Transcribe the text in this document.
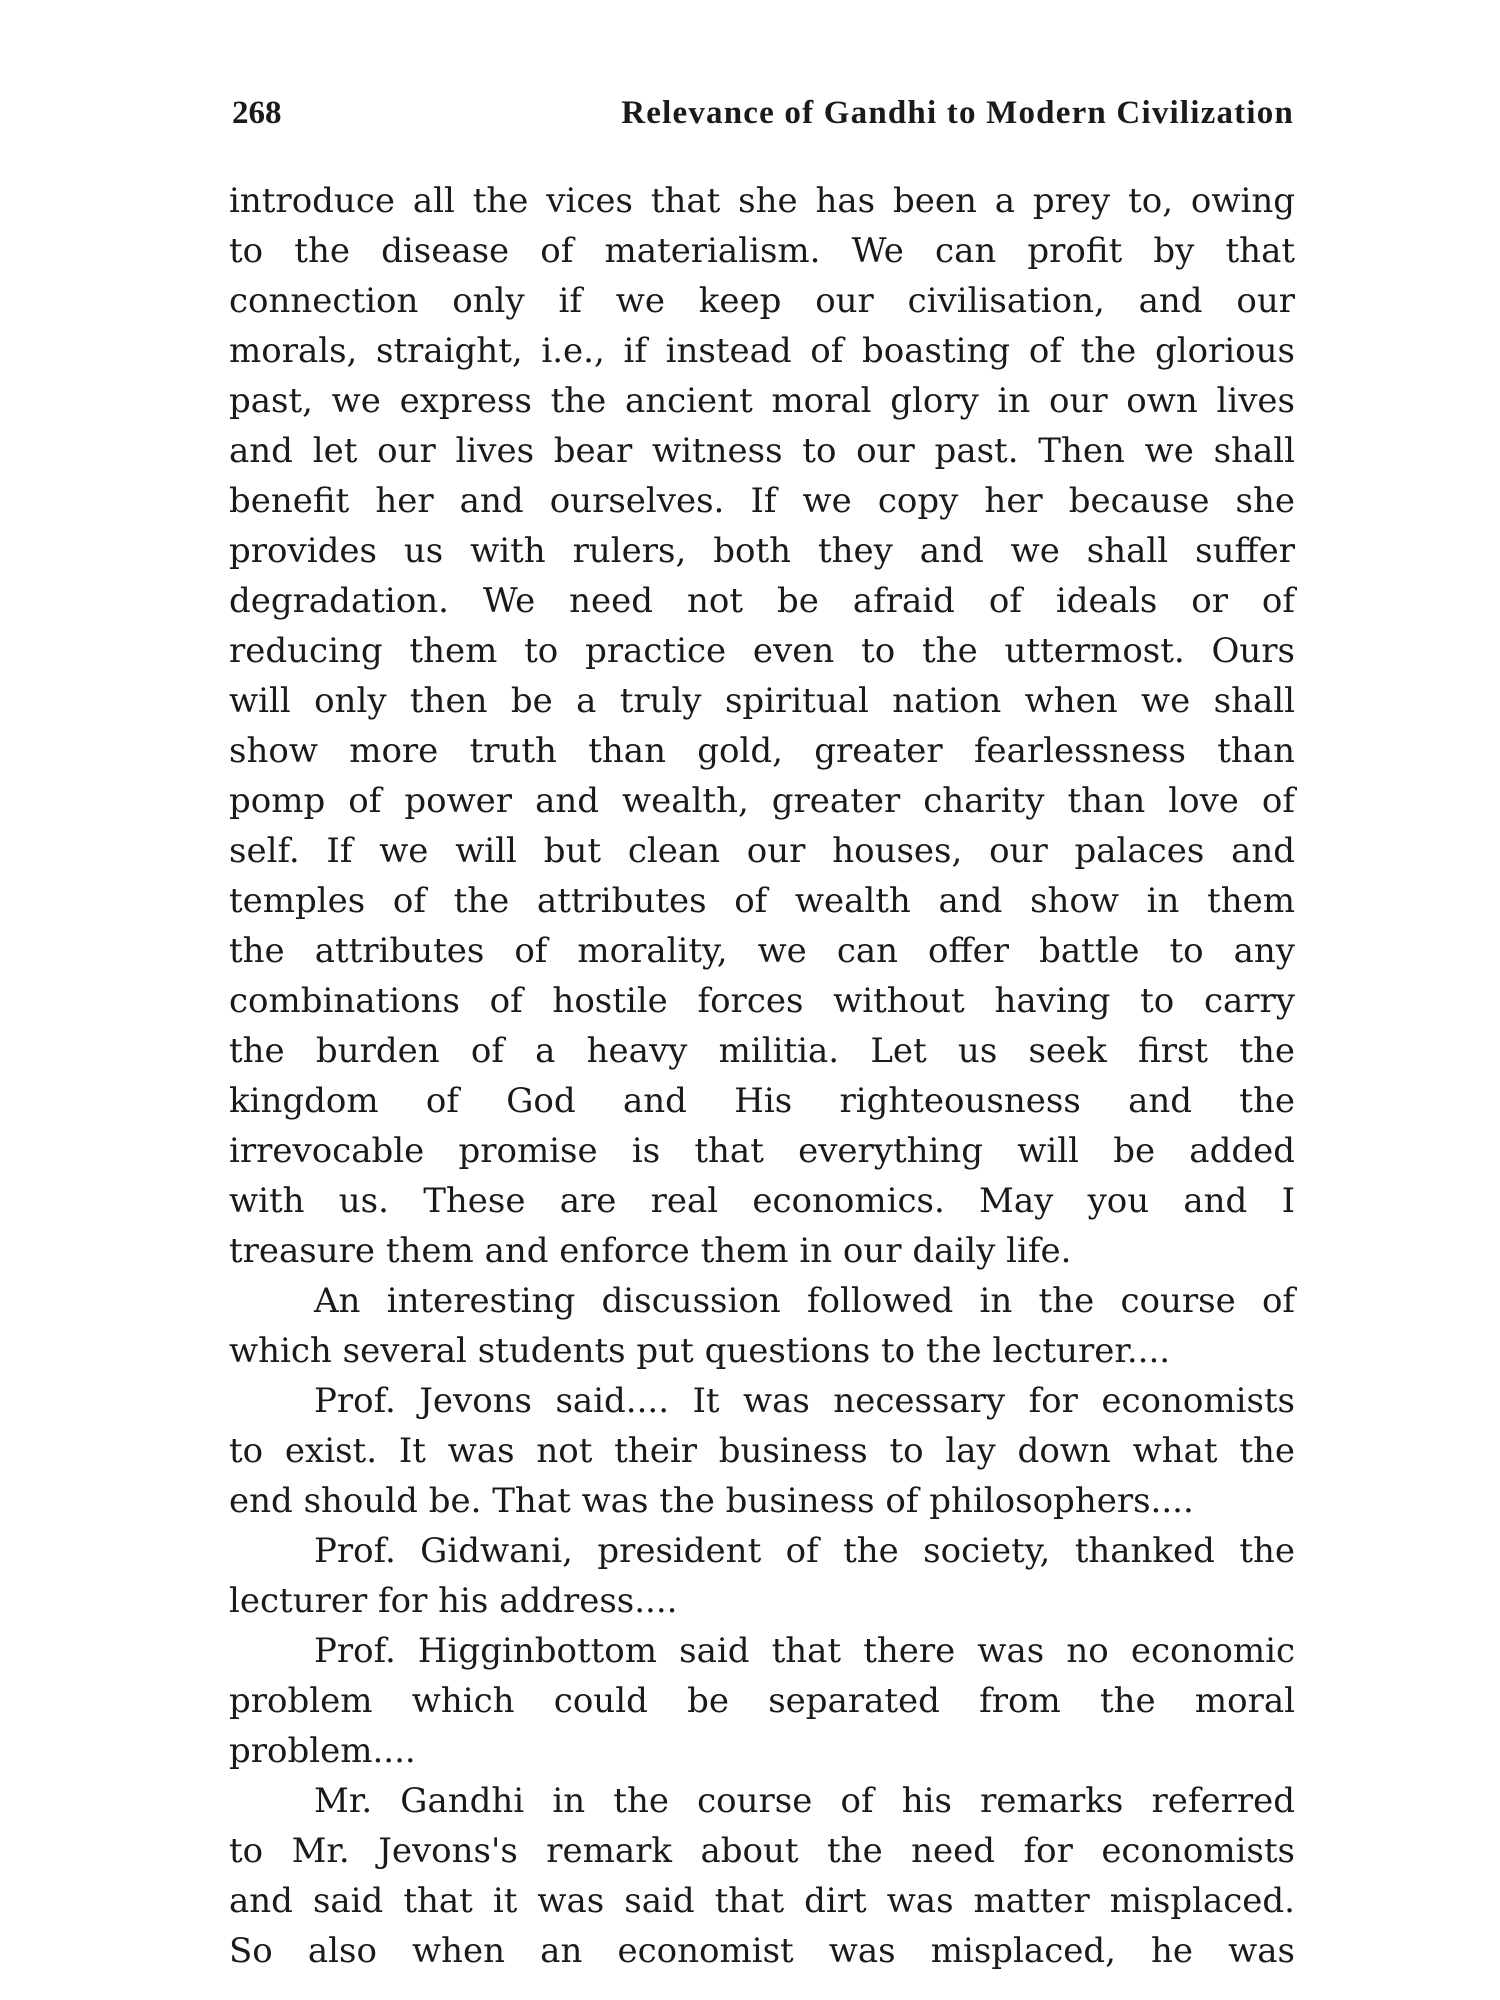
268	Relevance of Gandhi to Modern Civilization
introduce all the vices that she has been a prey to, owing
to the disease of materialism. We can profit by that
connection only if we keep our civilisation, and our
morals, straight, i.e., if instead of boasting of the glorious
past, we express the ancient moral glory in our own lives
and let our lives bear witness to our past. Then we shall
benefit her and ourselves. If we copy her because she
provides us with rulers, both they and we shall suffer
degradation. We need not be afraid of ideals or of
reducing them to practice even to the uttermost. Ours
will only then be a truly spiritual nation when we shall
show more truth than gold, greater fearlessness than
pomp of power and wealth, greater charity than love of
self. If we will but clean our houses, our palaces and
temples of the attributes of wealth and show in them
the attributes of morality, we can offer battle to any
combinations of hostile forces without having to carry
the burden of a heavy militia. Let us seek first the
kingdom of God and His righteousness and the
irrevocable promise is that everything will be added
with us. These are real economics. May you and I
treasure them and enforce them in our daily life.
An interesting discussion followed in the course of
which several students put questions to the lecturer....
Prof. Jevons said.... It was necessary for economists
to exist. It was not their business to lay down what the
end should be. That was the business of philosophers....
Prof. Gidwani, president of the society, thanked the
lecturer for his address....
Prof. Higginbottom said that there was no economic
problem which could be separated from the moral
problem....
Mr. Gandhi in the course of his remarks referred
to Mr. Jevons's remark about the need for economists
and said that it was said that dirt was matter misplaced.
So also when an economist was misplaced, he was
